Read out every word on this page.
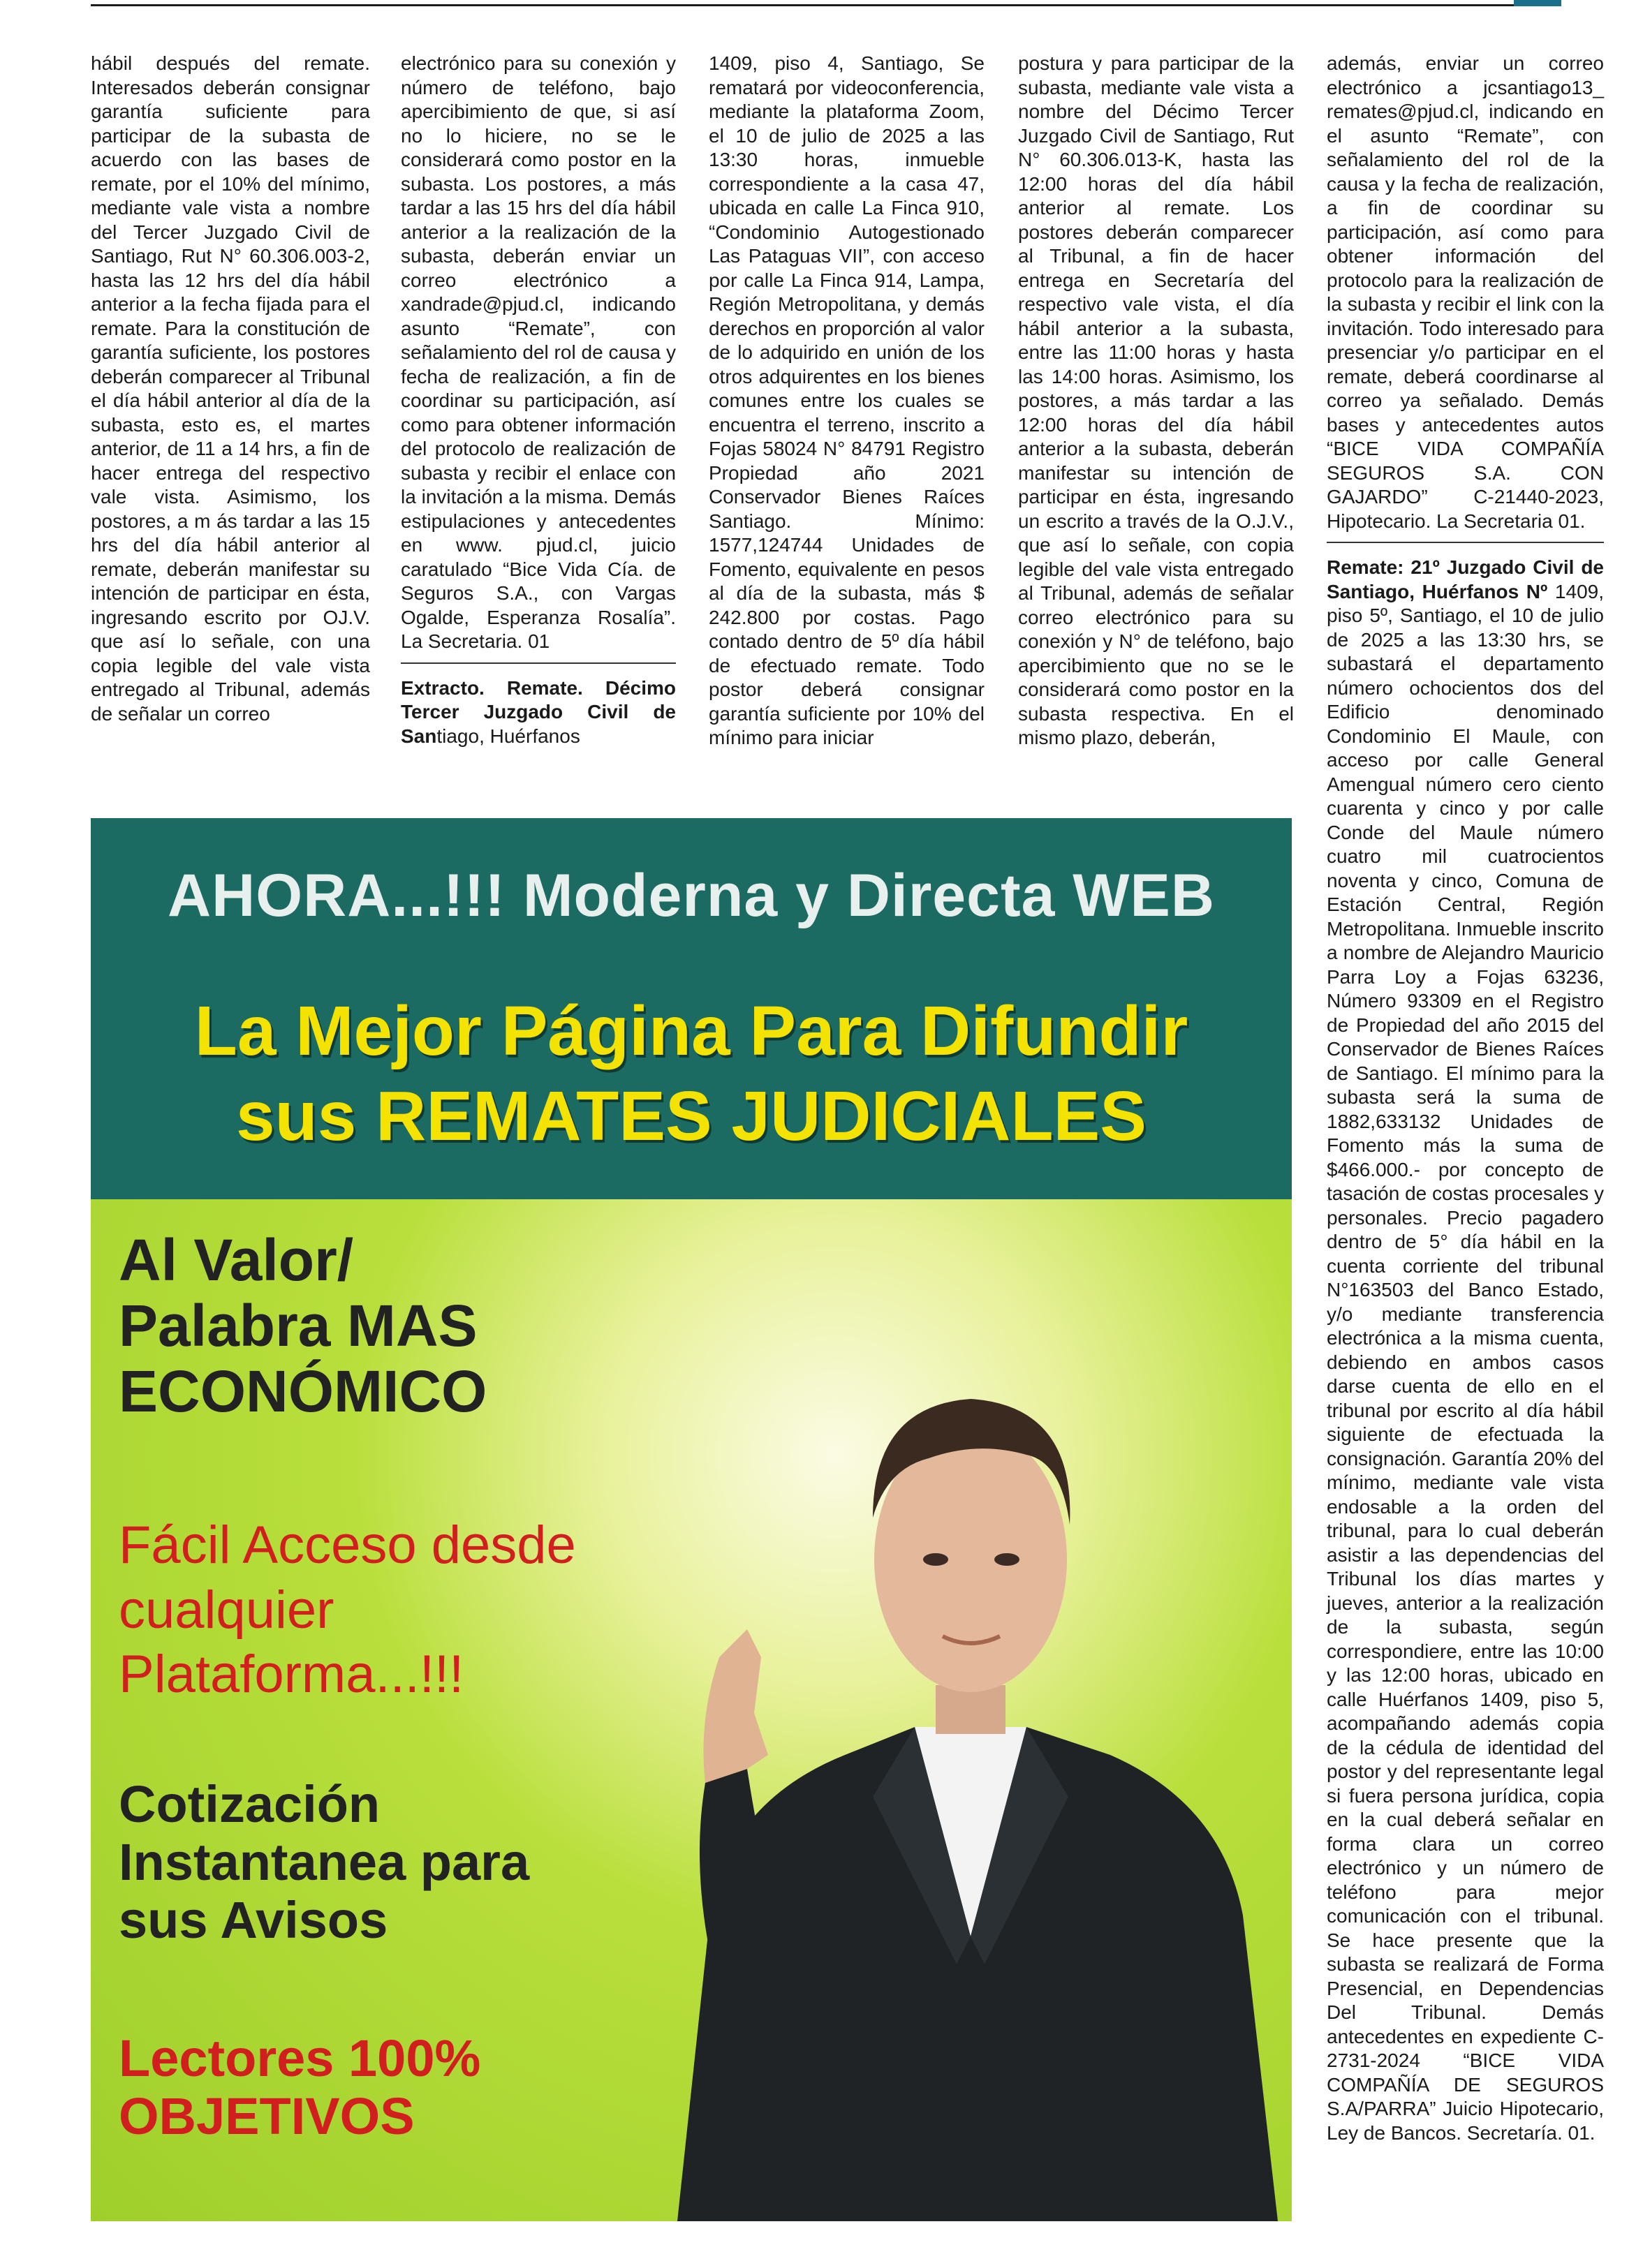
hábil después del remate. Interesados deberán consignar garantía suficiente para participar de la subasta de acuerdo con las bases de remate, por el 10% del mínimo, mediante vale vista a nombre del Tercer Juzgado Civil de Santiago, Rut N° 60.306.003-2, hasta las 12 hrs del día hábil anterior a la fecha fijada para el remate. Para la constitución de garantía suficiente, los postores deberán comparecer al Tribunal el día hábil anterior al día de la subasta, esto es, el martes anterior, de 11 a 14 hrs, a fin de hacer entrega del respectivo vale vista. Asimismo, los postores, a m ás tardar a las 15 hrs del día hábil anterior al remate, deberán manifestar su intención de participar en ésta, ingresando escrito por OJ.V. que así lo señale, con una copia legible del vale vista entregado al Tribunal, además de señalar un correo

electrónico para su conexión y número de teléfono, bajo apercibimiento de que, si así no lo hiciere, no se le considerará como postor en la subasta. Los postores, a más tardar a las 15 hrs del día hábil anterior a la realización de la subasta, deberán enviar un correo electrónico a xandrade@pjud.cl, indicando asunto “Remate”, con señalamiento del rol de causa y fecha de realización, a fin de coordinar su participación, así como para obtener información del protocolo de realización de subasta y recibir el enlace con la invitación a la misma. Demás estipulaciones y antecedentes en www. pjud.cl, juicio caratulado “Bice Vida Cía. de Seguros S.A., con Vargas Ogalde, Esperanza Rosalía”. La Secretaria. 01

Extracto. Remate. Décimo Tercer Juzgado Civil de Santiago, Huérfanos

1409, piso 4, Santiago, Se rematará por videoconferencia, mediante la plataforma Zoom, el 10 de julio de 2025 a las 13:30 horas, inmueble correspondiente a la casa 47, ubicada en calle La Finca 910, “Condominio Autogestionado Las Pataguas VII”, con acceso por calle La Finca 914, Lampa, Región Metropolitana, y demás derechos en proporción al valor de lo adquirido en unión de los otros adquirentes en los bienes comunes entre los cuales se encuentra el terreno, inscrito a Fojas 58024 N° 84791 Registro Propiedad año 2021 Conservador Bienes Raíces Santiago. Mínimo: 1577,124744 Unidades de Fomento, equivalente en pesos al día de la subasta, más $ 242.800 por costas. Pago contado dentro de 5º día hábil de efectuado remate. Todo postor deberá consignar garantía suficiente por 10% del mínimo para iniciar

postura y para participar de la subasta, mediante vale vista a nombre del Décimo Tercer Juzgado Civil de Santiago, Rut N° 60.306.013-K, hasta las 12:00 horas del día hábil anterior al remate. Los postores deberán comparecer al Tribunal, a fin de hacer entrega en Secretaría del respectivo vale vista, el día hábil anterior a la subasta, entre las 11:00 horas y hasta las 14:00 horas. Asimismo, los postores, a más tardar a las 12:00 horas del día hábil anterior a la subasta, deberán manifestar su intención de participar en ésta, ingresando un escrito a través de la O.J.V., que así lo señale, con copia legible del vale vista entregado al Tribunal, además de señalar correo electrónico para su conexión y N° de teléfono, bajo apercibimiento que no se le considerará como postor en la subasta respectiva. En el mismo plazo, deberán,

además, enviar un correo electrónico a jcsantiago13_ remates@pjud.cl, indicando en el asunto “Remate”, con señalamiento del rol de la causa y la fecha de realización, a fin de coordinar su participación, así como para obtener información del protocolo para la realización de la subasta y recibir el link con la invitación. Todo interesado para presenciar y/o participar en el remate, deberá coordinarse al correo ya señalado. Demás bases y antecedentes autos “BICE VIDA COMPAÑÍA SEGUROS S.A. CON GAJARDO” C-21440-2023, Hipotecario. La Secretaria 01.

Remate: 21º Juzgado Civil de Santiago, Huérfanos Nº 1409, piso 5º, Santiago, el 10 de julio de 2025 a las 13:30 hrs, se subastará el departamento número ochocientos dos del Edificio denominado Condominio El Maule, con acceso por calle General Amengual número cero ciento cuarenta y cinco y por calle Conde del Maule número cuatro mil cuatrocientos noventa y cinco, Comuna de Estación Central, Región Metropolitana. Inmueble inscrito a nombre de Alejandro Mauricio Parra Loy a Fojas 63236, Número 93309 en el Registro de Propiedad del año 2015 del Conservador de Bienes Raíces de Santiago. El mínimo para la subasta será la suma de 1882,633132 Unidades de Fomento más la suma de $466.000.- por concepto de tasación de costas procesales y personales. Precio pagadero dentro de 5° día hábil en la cuenta corriente del tribunal N°163503 del Banco Estado, y/o mediante transferencia electrónica a la misma cuenta, debiendo en ambos casos darse cuenta de ello en el tribunal por escrito al día hábil siguiente de efectuada la consignación. Garantía 20% del mínimo, mediante vale vista endosable a la orden del tribunal, para lo cual deberán asistir a las dependencias del Tribunal los días martes y jueves, anterior a la realización de la subasta, según correspondiere, entre las 10:00 y las 12:00 horas, ubicado en calle Huérfanos 1409, piso 5, acompañando además copia de la cédula de identidad del postor y del representante legal si fuera persona jurídica, copia en la cual deberá señalar en forma clara un correo electrónico y un número de teléfono para mejor comunicación con el tribunal. Se hace presente que la subasta se realizará de Forma Presencial, en Dependencias Del Tribunal. Demás antecedentes en expediente C-2731-2024 “BICE VIDA COMPAÑÍA DE SEGUROS S.A/PARRA” Juicio Hipotecario, Ley de Bancos. Secretaría. 01.

AHORA...!!! Moderna y Directa WEB
La Mejor Página Para Difundir
sus REMATES JUDICIALES
Al Valor/
Palabra MAS
ECONÓMICO
Fácil Acceso desde
cualquier
Plataforma...!!!
Cotización
Instantanea para
sus Avisos
Lectores 100%
OBJETIVOS
